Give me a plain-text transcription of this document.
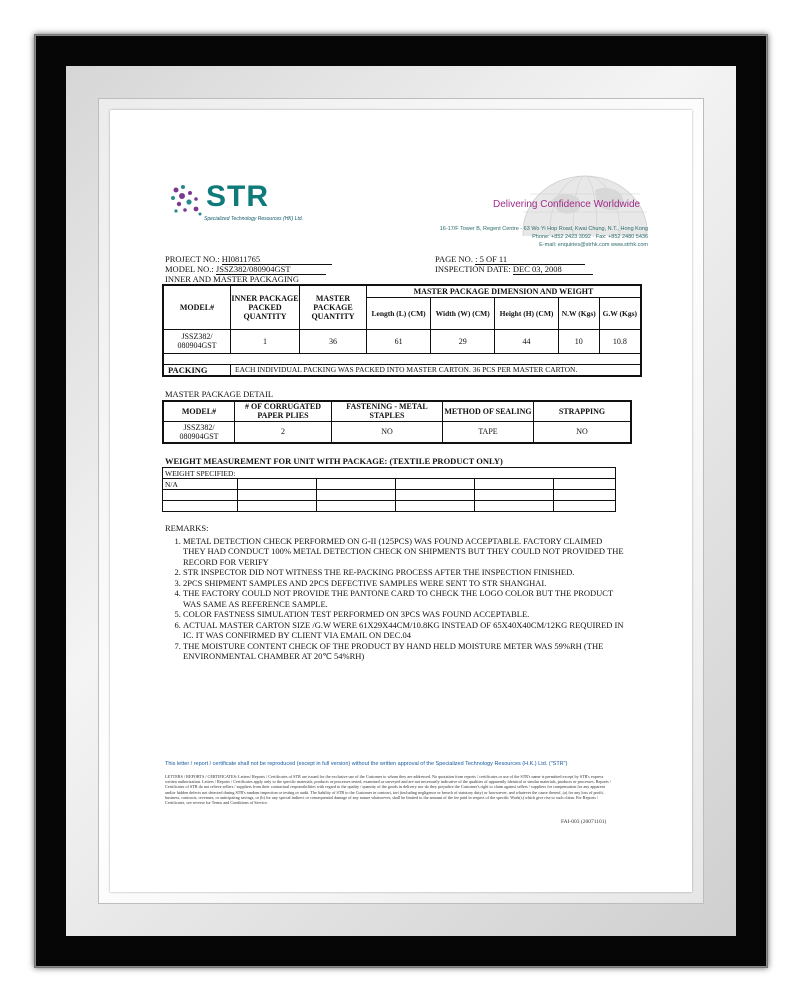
STR
Specialized Technology Resources (HK) Ltd.
Delivering Confidence Worldwide
16-17/F Tower B, Regent Centre - 63 Wo Yi Hop Road, Kwai Chung, N.T., Hong Kong
Phone: +852 2423 3092 · Fax: +852 2480 5436
E-mail: enquiries@strhk.com www.strhk.com
PROJECT NO.: HI0811765
MODEL NO.: JSSZ382/080904GST
PAGE NO. : 5 OF 11
INSPECTION DATE: DEC 03, 2008
INNER AND MASTER PACKAGING
MODEL#	INNER PACKAGE PACKED QUANTITY	MASTER PACKAGE QUANTITY	MASTER PACKAGE DIMENSION AND WEIGHT				
			Length (L) (CM)	Width (W) (CM)	Height (H) (CM)	N.W (Kgs)	G.W (Kgs)
JSSZ382/ 080904GST	1	36	61	29	44	10	10.8

PACKING	EACH INDIVIDUAL PACKING WAS PACKED INTO MASTER CARTON. 36 PCS PER MASTER CARTON.						
MASTER PACKAGE DETAIL
MODEL#	# OF CORRUGATED PAPER PLIES	FASTENING - METAL STAPLES	METHOD OF SEALING	STRAPPING
JSSZ382/ 080904GST	2	NO	TAPE	NO
WEIGHT MEASUREMENT FOR UNIT WITH PACKAGE: (TEXTILE PRODUCT ONLY)
WEIGHT SPECIFIED:					
N/A					

REMARKS:
1. METAL DETECTION CHECK PERFORMED ON G-II (125PCS) WAS FOUND ACCEPTABLE. FACTORY CLAIMED THEY HAD CONDUCT 100% METAL DETECTION CHECK ON SHIPMENTS BUT THEY COULD NOT PROVIDED THE RECORD FOR VERIFY
2. STR INSPECTOR DID NOT WITNESS THE RE-PACKING PROCESS AFTER THE INSPECTION FINISHED.
3. 2PCS SHIPMENT SAMPLES AND 2PCS DEFECTIVE SAMPLES WERE SENT TO STR SHANGHAI.
4. THE FACTORY COULD NOT PROVIDE THE PANTONE CARD TO CHECK THE LOGO COLOR BUT THE PRODUCT WAS SAME AS REFERENCE SAMPLE.
5. COLOR FASTNESS SIMULATION TEST PERFORMED ON 3PCS WAS FOUND ACCEPTABLE.
6. ACTUAL MASTER CARTON SIZE /G.W WERE 61X29X44CM/10.8KG INSTEAD OF 65X40X40CM/12KG REQUIRED IN IC. IT WAS CONFIRMED BY CLIENT VIA EMAIL ON DEC.04
7. THE MOISTURE CONTENT CHECK OF THE PRODUCT BY HAND HELD MOISTURE METER WAS 59%RH (THE ENVIRONMENTAL CHAMBER AT 20℃ 54%RH)
This letter / report / certificate shall not be reproduced (except in full version) without the written approval of the Specialized Technology Resources (H.K.) Ltd. ("STR")
LETTERS / REPORTS / CERTIFICATES: Letters/ Reports / Certificates of STR are issued for the exclusive use of the Customer to whom they are addressed. No quotation from reports / certificates or use of the STR's name is permitted except by STR's express written authorization. Letters / Reports / Certificates apply only to the specific materials, products or processes tested, examined or surveyed and are not necessarily indicative of the qualities of apparently identical or similar materials, products or processes. Reports / Certificates of STR do not relieve sellers / suppliers from their contractual responsibilities with regard to the quality / quantity of the goods in delivery nor do they prejudice the Customer's right to claim against sellers / suppliers for compensation for any apparent and/or hidden defects not detected during STR's random inspection or testing or audit. The liability of STR to the Customer in contract, tort (including negligence or breach of statutory duty) or howsoever, and whatever the cause thereof, (a) for any loss of profit, business, contracts, revenues, or anticipating savings, or (b) for any special indirect or consequential damage of any nature whatsoever, shall be limited to the amount of the fee paid in respect of the specific Work(s) which give rise to such claim. For Reports / Certificates, see reverse for Terms and Conditions of Service.
FAI-003 (20071101)
